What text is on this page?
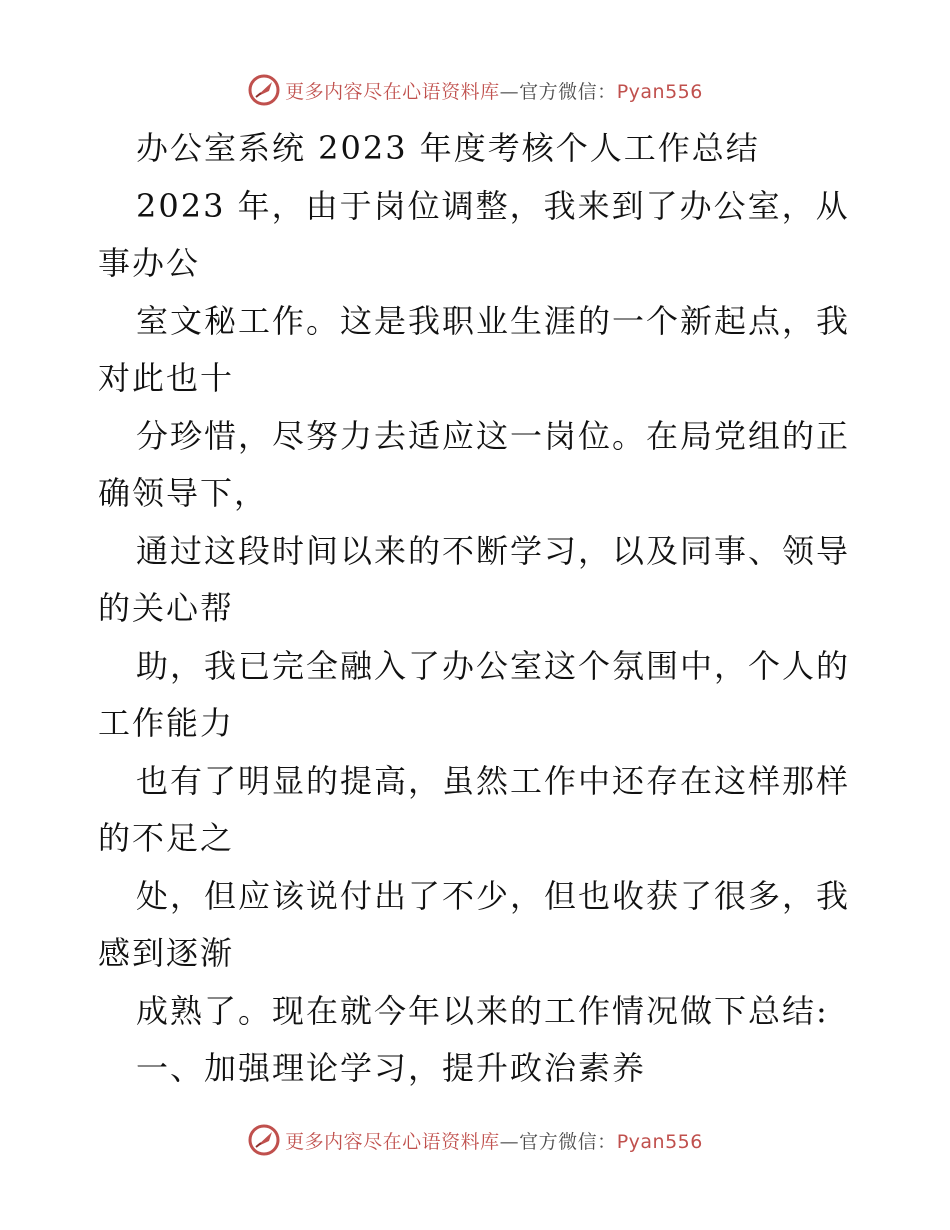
更多内容尽在心语资料库—官方微信：Pyan556
办公室系统 2023 年度考核个人工作总结
2023 年，由于岗位调整，我来到了办公室，从
事办公
室文秘工作。这是我职业生涯的一个新起点，我
对此也十
分珍惜，尽努力去适应这一岗位。在局党组的正
确领导下，
通过这段时间以来的不断学习，以及同事、领导
的关心帮
助，我已完全融入了办公室这个氛围中，个人的
工作能力
也有了明显的提高，虽然工作中还存在这样那样
的不足之
处，但应该说付出了不少，但也收获了很多，我
感到逐渐
成熟了。现在就今年以来的工作情况做下总结:
一、加强理论学习，提升政治素养
更多内容尽在心语资料库—官方微信：Pyan556
